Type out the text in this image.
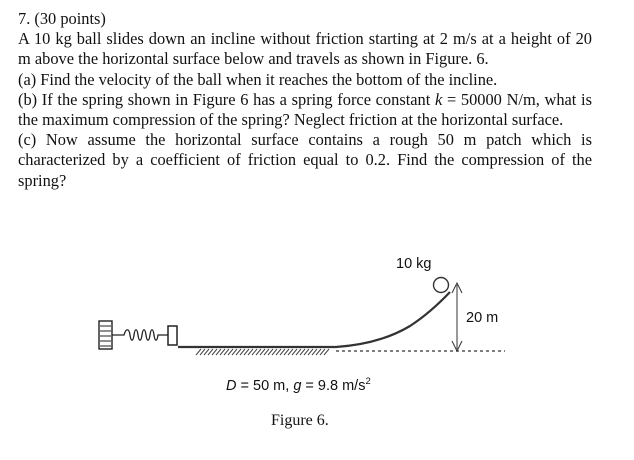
7. (30 points)

A 10 kg ball slides down an incline without friction starting at 2 m/s at a height of 20 m above the horizontal surface below and travels as shown in Figure. 6.

(a) Find the velocity of the ball when it reaches the bottom of the incline.

(b) If the spring shown in Figure 6 has a spring force constant k = 50000 N/m, what is the maximum compression of the spring? Neglect friction at the horizontal surface.

(c) Now assume the horizontal surface contains a rough 50 m patch which is characterized by a coefficient of friction equal to 0.2. Find the compression of the spring?

10 kg
20 m
D = 50 m, g = 9.8 $m/s^2$
Figure 6.
